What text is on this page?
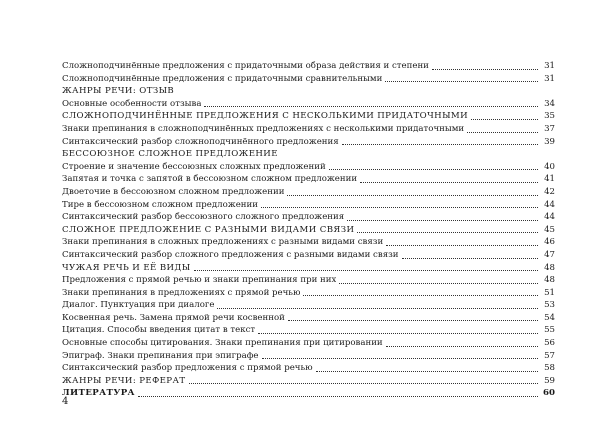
Сложноподчинённые предложения с придаточными образа действия и степени	31
Сложноподчинённые предложения с придаточными сравнительными	31
ЖАНРЫ РЕЧИ: ОТЗЫВ
Основные особенности отзыва	34
СЛОЖНОПОДЧИНЁННЫЕ ПРЕДЛОЖЕНИЯ С НЕСКОЛЬКИМИ ПРИДАТОЧНЫМИ	35
Знаки препинания в сложноподчинённых предложениях с несколькими придаточными	37
Синтаксический разбор сложноподчинённого предложения	39
БЕССОЮЗНОЕ СЛОЖНОЕ ПРЕДЛОЖЕНИЕ
Строение и значение бессоюзных сложных предложений	40
Запятая и точка с запятой в бессоюзном сложном предложении	41
Двоеточие в бессоюзном сложном предложении	42
Тире в бессоюзном сложном предложении	44
Синтаксический разбор бессоюзного сложного предложения	44
СЛОЖНОЕ ПРЕДЛОЖЕНИЕ С РАЗНЫМИ ВИДАМИ СВЯЗИ	45
Знаки препинания в сложных предложениях с разными видами связи	46
Синтаксический разбор сложного предложения с разными видами связи	47
ЧУЖАЯ РЕЧЬ И ЕЁ ВИДЫ	48
Предложения с прямой речью и знаки препинания при них	48
Знаки препинания в предложениях с прямой речью	51
Диалог. Пунктуация при диалоге	53
Косвенная речь. Замена прямой речи косвенной	54
Цитация. Способы введения цитат в текст	55
Основные способы цитирования. Знаки препинания при цитировании	56
Эпиграф. Знаки препинания при эпиграфе	57
Синтаксический разбор предложения с прямой речью	58
ЖАНРЫ РЕЧИ: РЕФЕРАТ	59
ЛИТЕРАТУРА	60
4
